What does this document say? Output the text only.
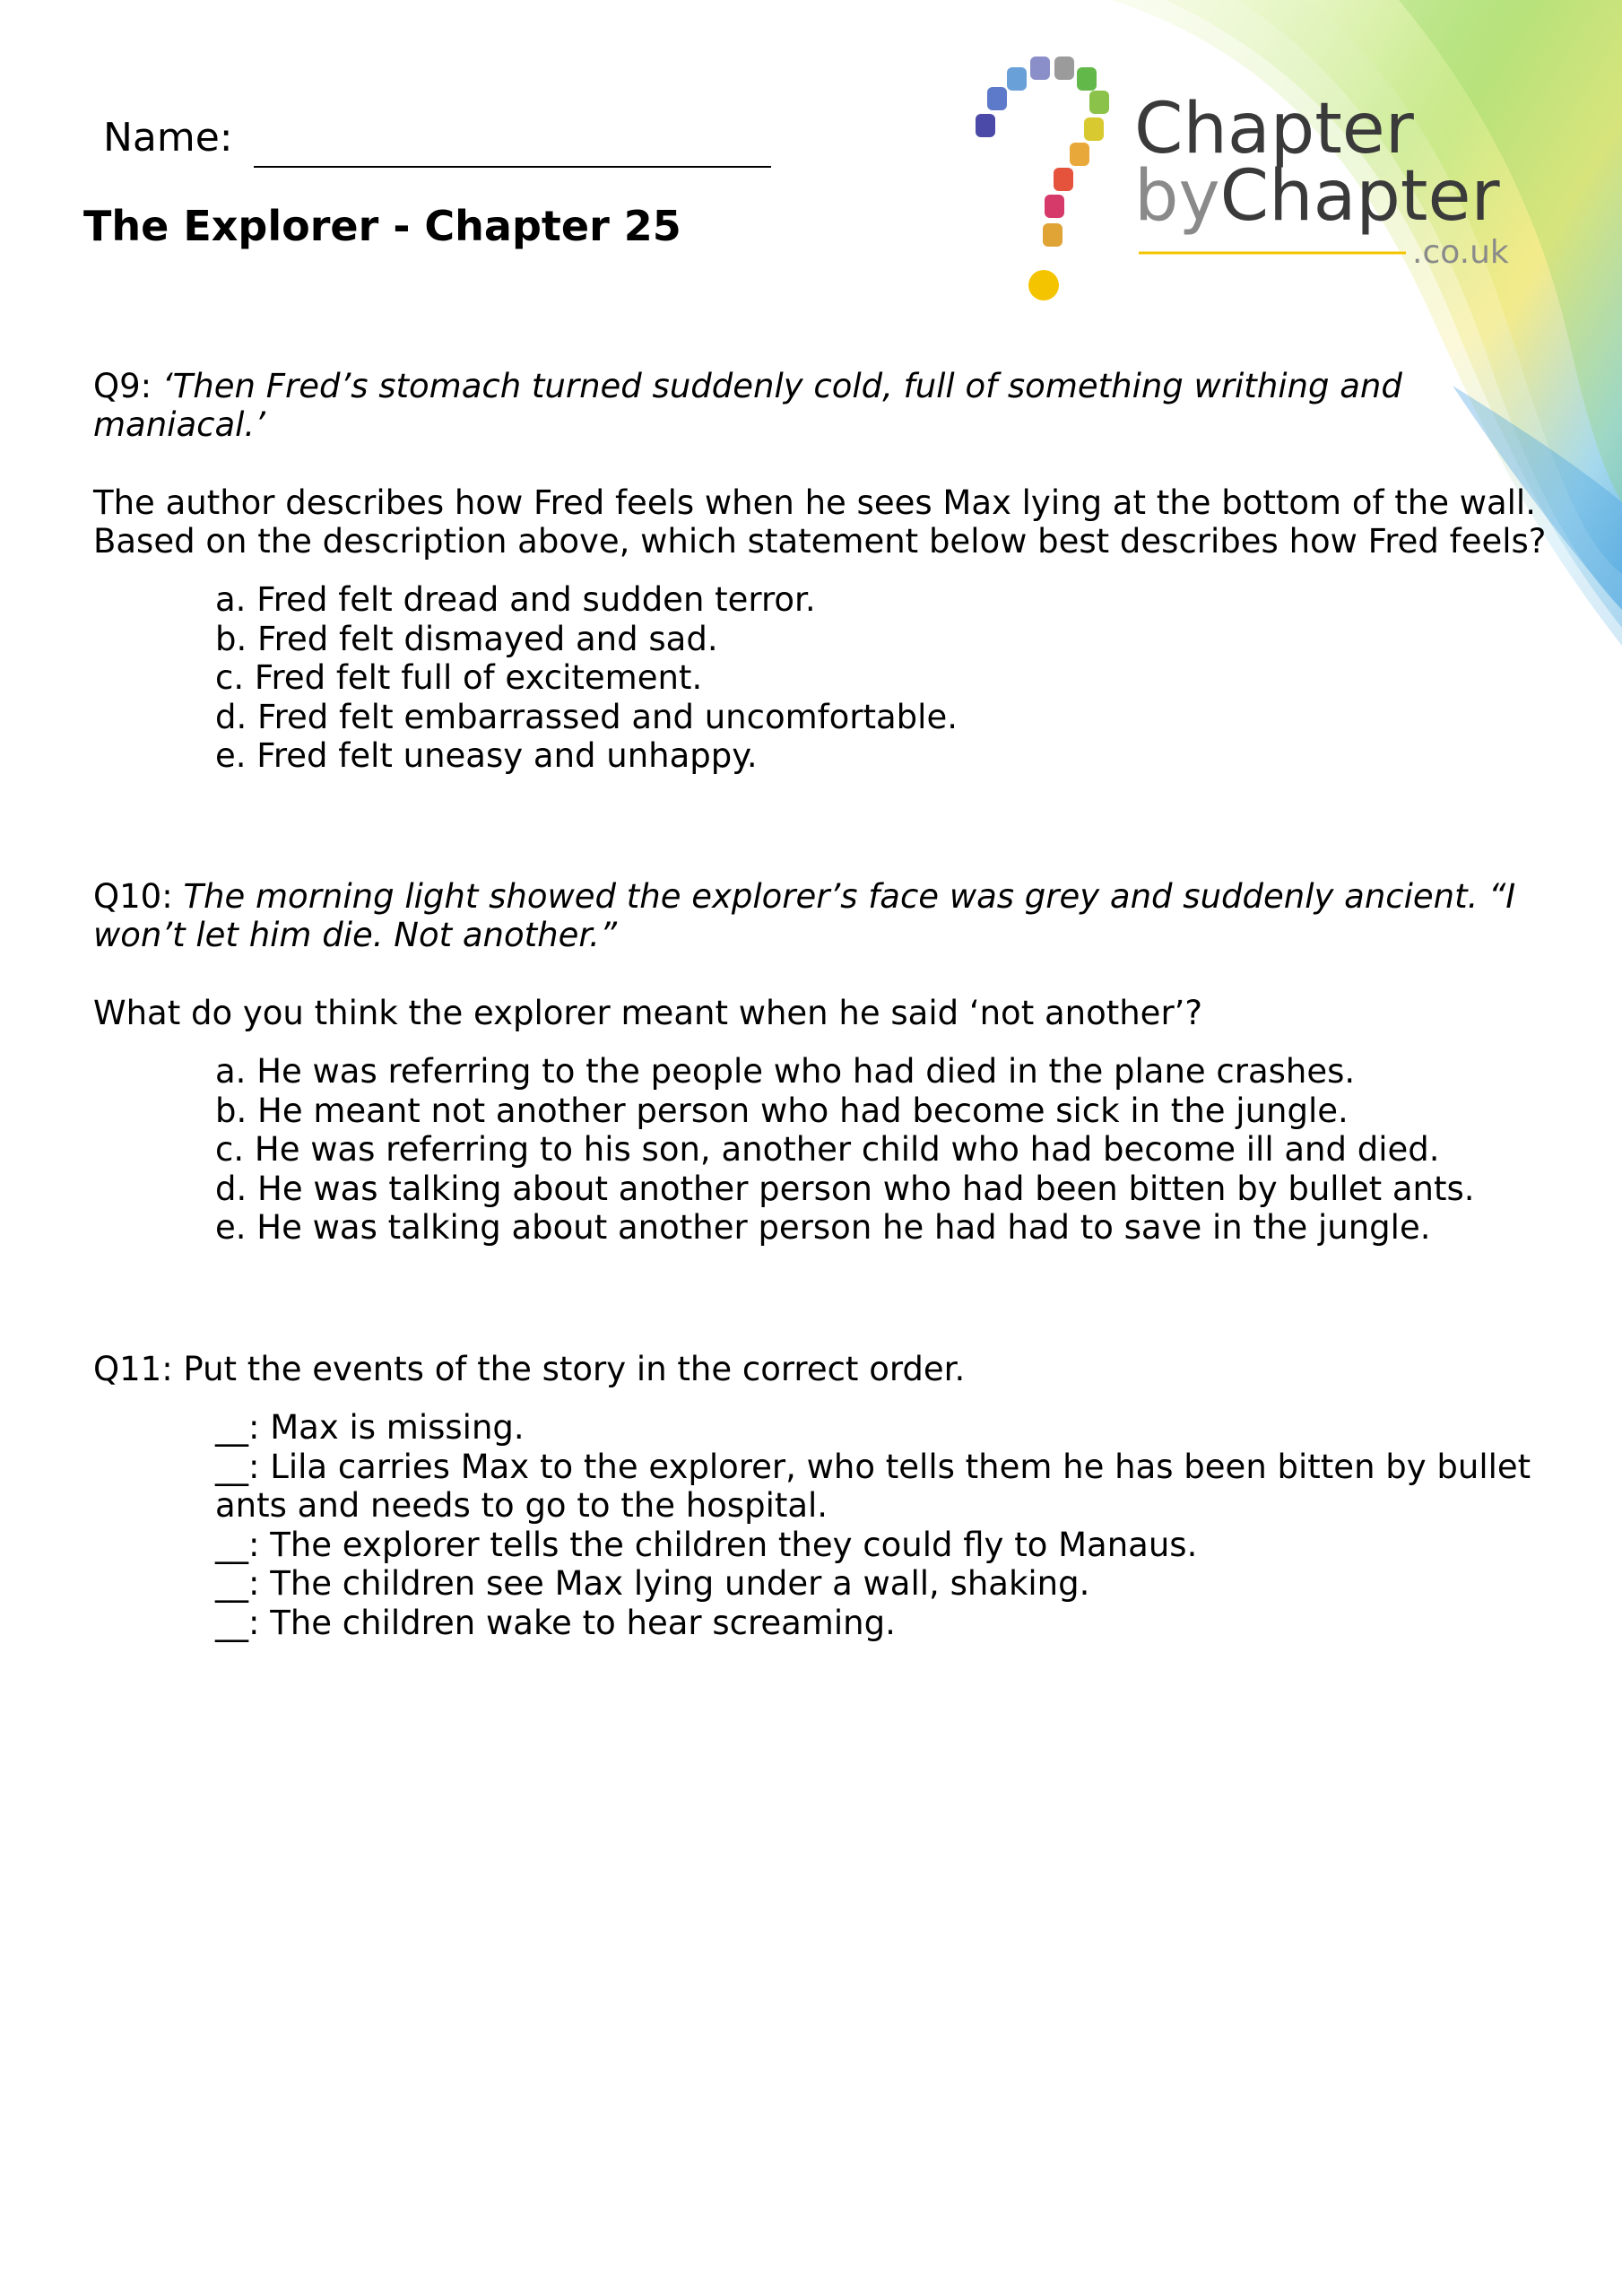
Name:
The Explorer - Chapter 25
Chapter
byChapter
.co.uk

Q9: ‘Then Fred’s stomach turned suddenly cold, full of something writhing and maniacal.’

The author describes how Fred feels when he sees Max lying at the bottom of the wall.

Based on the description above, which statement below best describes how Fred feels?

a. Fred felt dread and sudden terror.
b. Fred felt dismayed and sad.
c. Fred felt full of excitement.
d. Fred felt embarrassed and uncomfortable.
e. Fred felt uneasy and unhappy.

Q10: The morning light showed the explorer’s face was grey and suddenly ancient. “I won’t let him die. Not another.”

What do you think the explorer meant when he said ‘not another’?

a. He was referring to the people who had died in the plane crashes.
b. He meant not another person who had become sick in the jungle.
c. He was referring to his son, another child who had become ill and died.
d. He was talking about another person who had been bitten by bullet ants.
e. He was talking about another person he had had to save in the jungle.

Q11: Put the events of the story in the correct order.

__: Max is missing.
__: Lila carries Max to the explorer, who tells them he has been bitten by bullet
ants and needs to go to the hospital.
__: The explorer tells the children they could fly to Manaus.
__: The children see Max lying under a wall, shaking.
__: The children wake to hear screaming.
